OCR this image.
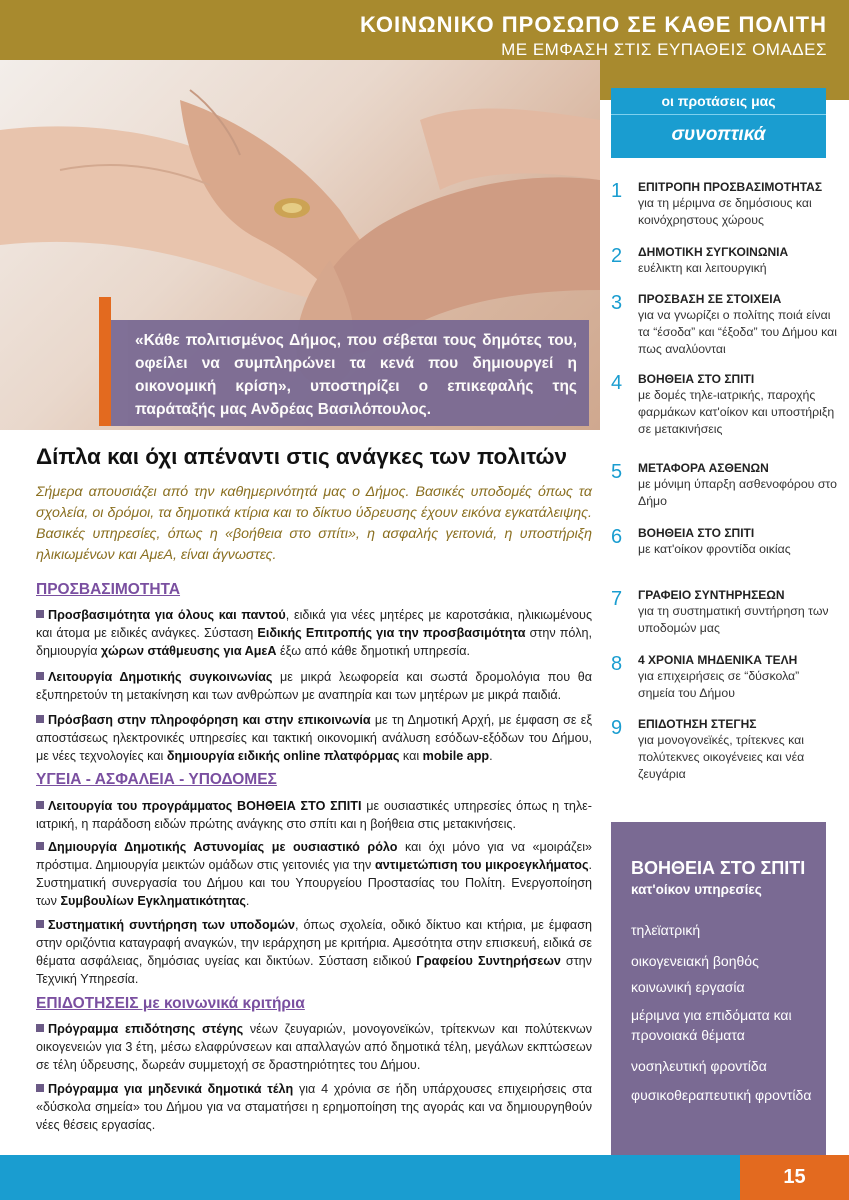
ΚΟΙΝΩΝΙΚΟ ΠΡΟΣΩΠΟ ΣΕ ΚΑΘΕ ΠΟΛΙΤΗ
ΜΕ ΕΜΦΑΣΗ ΣΤΙΣ ΕΥΠΑΘΕΙΣ ΟΜΑΔΕΣ
«Κάθε πολιτισμένος Δήμος, που σέβεται τους δημότες του, οφείλει να συμπληρώνει τα κενά που δημιουργεί η οικονομική κρίση», υποστηρίζει ο επικεφαλής της παράταξής μας Ανδρέας Βασιλόπουλος.
Δίπλα και όχι απέναντι στις ανάγκες των πολιτών
Σήμερα απουσιάζει από την καθημερινότητά μας ο Δήμος. Βασικές υποδομές όπως τα σχολεία, οι δρόμοι, τα δημοτικά κτίρια και το δίκτυο ύδρευσης έχουν εικόνα εγκατάλειψης. Βασικές υπηρεσίες, όπως η «βοήθεια στο σπίτι», η ασφαλής γειτονιά, η υποστήριξη ηλικιωμένων και ΑμεΑ, είναι άγνωστες.
ΠΡΟΣΒΑΣΙΜΟΤΗΤΑ
Προσβασιμότητα για όλους και παντού, ειδικά για νέες μητέρες με καροτσάκια, ηλικιωμένους και άτομα με ειδικές ανάγκες. Σύσταση Ειδικής Επιτροπής για την προσβασιμότητα στην πόλη, δημιουργία χώρων στάθμευσης για ΑμεΑ έξω από κάθε δημοτική υπηρεσία.
Λειτουργία Δημοτικής συγκοινωνίας με μικρά λεωφορεία και σωστά δρομολόγια που θα εξυπηρετούν τη μετακίνηση και των ανθρώπων με αναπηρία και των μητέρων με μικρά παιδιά.
Πρόσβαση στην πληροφόρηση και στην επικοινωνία με τη Δημοτική Αρχή, με έμφαση σε εξ αποστάσεως ηλεκτρονικές υπηρεσίες και τακτική οικονομική ανάλυση εσόδων-εξόδων του Δήμου, με νέες τεχνολογίες και δημιουργία ειδικής online πλατφόρμας και mobile app.
ΥΓΕΙΑ - ΑΣΦΑΛΕΙΑ - ΥΠΟΔΟΜΕΣ
Λειτουργία του προγράμματος ΒΟΗΘΕΙΑ ΣΤΟ ΣΠΙΤΙ με ουσιαστικές υπηρεσίες όπως η τηλε-ιατρική, η παράδοση ειδών πρώτης ανάγκης στο σπίτι και η βοήθεια στις μετακινήσεις.
Δημιουργία Δημοτικής Αστυνομίας με ουσιαστικό ρόλο και όχι μόνο για να «μοιράζει» πρόστιμα. Δημιουργία μεικτών ομάδων στις γειτονιές για την αντιμετώπιση του μικροεγκλήματος. Συστηματική συνεργασία του Δήμου και του Υπουργείου Προστασίας του Πολίτη. Ενεργοποίηση των Συμβουλίων Εγκληματικότητας.
Συστηματική συντήρηση των υποδομών, όπως σχολεία, οδικό δίκτυο και κτήρια, με έμφαση στην οριζόντια καταγραφή αναγκών, την ιεράρχηση με κριτήρια. Αμεσότητα στην επισκευή, ειδικά σε θέματα ασφάλειας, δημόσιας υγείας και δικτύων. Σύσταση ειδικού Γραφείου Συντηρήσεων στην Τεχνική Υπηρεσία.
ΕΠΙΔΟΤΗΣΕΙΣ με κοινωνικά κριτήρια
Πρόγραμμα επιδότησης στέγης νέων ζευγαριών, μονογονεϊκών, τρίτεκνων και πολύτεκνων οικογενειών για 3 έτη, μέσω ελαφρύνσεων και απαλλαγών από δημοτικά τέλη, μεγάλων εκπτώσεων σε τέλη ύδρευσης, δωρεάν συμμετοχή σε δραστηριότητες του Δήμου.
Πρόγραμμα για μηδενικά δημοτικά τέλη για 4 χρόνια σε ήδη υπάρχουσες επιχειρήσεις στα «δύσκολα σημεία» του Δήμου για να σταματήσει η ερημοποίηση της αγοράς και να δημιουργηθούν νέες θέσεις εργασίας.
οι προτάσεις μας
συνοπτικά
1 ΕΠΙΤΡΟΠΗ ΠΡΟΣΒΑΣΙΜΟΤΗΤΑΣ
για τη μέριμνα σε δημόσιους και κοινόχρηστους χώρους
2 ΔΗΜΟΤΙΚΗ ΣΥΓΚΟΙΝΩΝΙΑ
ευέλικτη και λειτουργική
3 ΠΡΟΣΒΑΣΗ ΣΕ ΣΤΟΙΧΕΙΑ
για να γνωρίζει ο πολίτης ποιά είναι τα “έσοδα” και “έξοδα” του Δήμου και πως αναλύονται
4 ΒΟΗΘΕΙΑ ΣΤΟ ΣΠΙΤΙ
με δομές τηλε-ιατρικής, παροχής φαρμάκων κατ'οίκον και υποστήριξη σε μετακινήσεις
5 ΜΕΤΑΦΟΡΑ ΑΣΘΕΝΩΝ
με μόνιμη ύπαρξη ασθενοφόρου στο Δήμο
6 ΒΟΗΘΕΙΑ ΣΤΟ ΣΠΙΤΙ
με κατ'οίκον φροντίδα οικίας
7 ΓΡΑΦΕΙΟ ΣΥΝΤΗΡΗΣΕΩΝ
για τη συστηματική συντήρηση των υποδομών μας
8 4 ΧΡΟΝΙΑ ΜΗΔΕΝΙΚΑ ΤΕΛΗ
για επιχειρήσεις σε “δύσκολα” σημεία του Δήμου
9 ΕΠΙΔΟΤΗΣΗ ΣΤΕΓΗΣ
για μονογονεϊκές, τρίτεκνες και πολύτεκνες οικογένειες και νέα ζευγάρια
ΒΟΗΘΕΙΑ ΣΤΟ ΣΠΙΤΙ
κατ'οίκον υπηρεσίες
τηλεϊατρική
οικογενειακή βοηθός
κοινωνική εργασία
μέριμνα για επιδόματα και προνοιακά θέματα
νοσηλευτική φροντίδα
φυσικοθεραπευτική φροντίδα
15
